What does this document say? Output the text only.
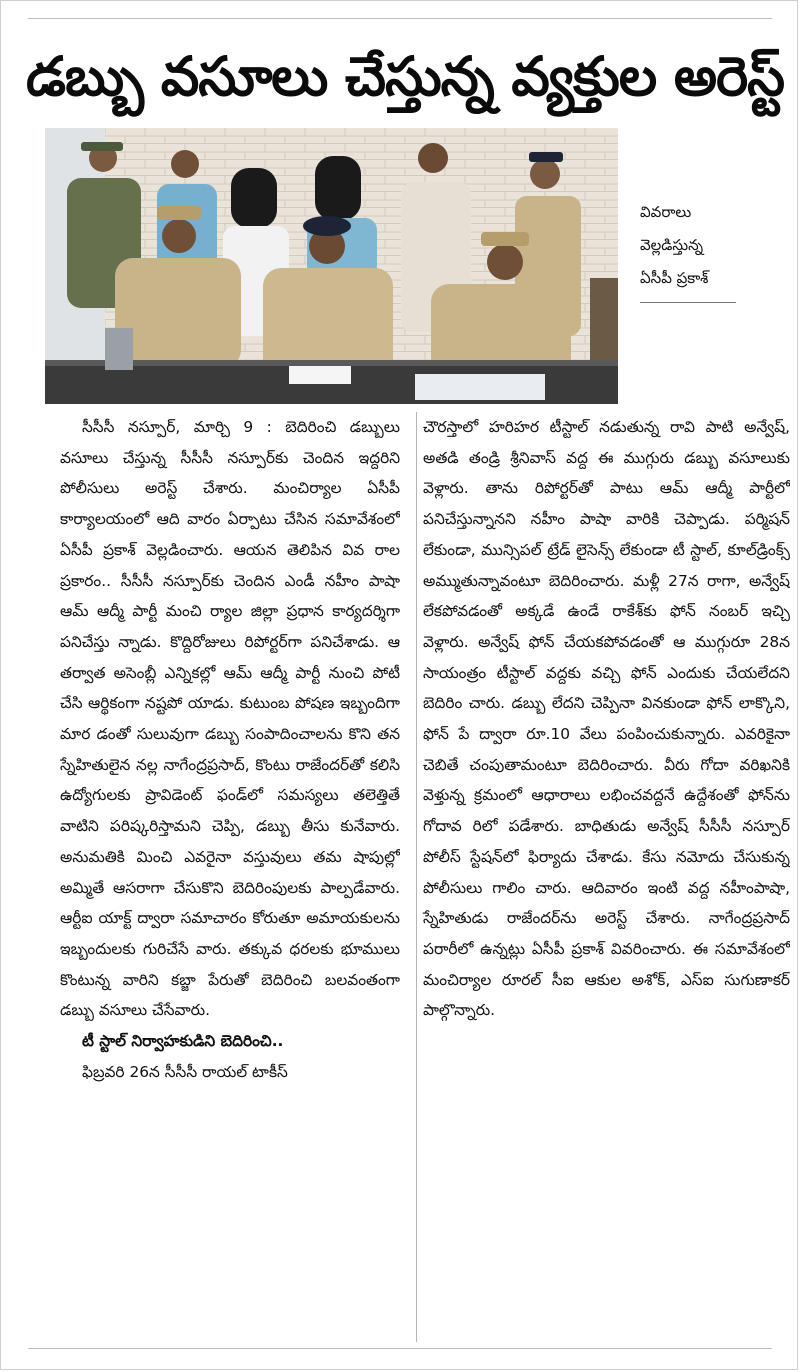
డబ్బు వసూలు చేస్తున్న వ్యక్తుల అరెస్ట్
వివరాలు
వెల్లడిస్తున్న
ఏసీపీ ప్రకాశ్

సీసీసీ నస్పూర్, మార్చి 9 : బెదిరించి డబ్బులు వసూలు చేస్తున్న సీసీసీ నస్పూర్‌కు చెందిన ఇద్దరిని పోలీసులు అరెస్ట్ చేశారు. మంచిర్యాల ఏసీపీ కార్యాలయంలో ఆది వారం ఏర్పాటు చేసిన సమావేశంలో ఏసీపీ ప్రకాశ్ వెల్లడించారు. ఆయన తెలిపిన వివ రాల ప్రకారం.. సీసీసీ నస్పూర్‌కు చెందిన ఎండీ నహీం పాషా ఆమ్ ఆద్మీ పార్టీ మంచి ర్యాల జిల్లా ప్రధాన కార్యదర్శిగా పనిచేస్తు న్నాడు. కొద్దిరోజులు రిపోర్టర్‌గా పనిచేశాడు. ఆ తర్వాత అసెంబ్లీ ఎన్నికల్లో ఆమ్ ఆద్మీ పార్టీ నుంచి పోటీ చేసి ఆర్థికంగా నష్టపో యాడు. కుటుంబ పోషణ ఇబ్బందిగా మార డంతో సులువుగా డబ్బు సంపాదించాలను కొని తన స్నేహితులైన నల్ల నాగేంద్రప్రసాద్, కొంటు రాజేందర్‌తో కలిసి ఉద్యోగులకు ప్రావిడెంట్ ఫండ్‌లో సమస్యలు తలెత్తితే వాటిని పరిష్కరిస్తామని చెప్పి, డబ్బు తీసు కునేవారు. అనుమతికి మించి ఎవరైనా వస్తువులు తమ షాపుల్లో అమ్మితే ఆసరాగా చేసుకొని బెదిరింపులకు పాల్పడేవారు. ఆర్టీఐ యాక్ట్ ద్వారా సమాచారం కోరుతూ అమాయకులను ఇబ్బందులకు గురిచేసే వారు. తక్కువ ధరలకు భూములు కొంటున్న వారిని కబ్జా పేరుతో బెదిరించి బలవంతంగా డబ్బు వసూలు చేసేవారు.

టీ స్టాల్ నిర్వాహకుడిని బెదిరించి..

ఫిబ్రవరి 26న సీసీసీ రాయల్ టాకీస్

చౌరస్తాలో హరిహర టీస్టాల్ నడుతున్న రావి పాటి అన్వేష్, అతడి తండ్రి శ్రీనివాస్ వద్ద ఈ ముగ్గురు డబ్బు వసూలుకు వెళ్లారు. తాను రిపోర్టర్‌తో పాటు ఆమ్ ఆద్మీ పార్టీలో పనిచేస్తున్నానని నహీం పాషా వారికి చెప్పాడు. పర్మిషన్ లేకుండా, మున్సిపల్ ట్రేడ్ లైసెన్స్ లేకుండా టీ స్టాల్, కూల్‌డ్రింక్స్ అమ్ముతున్నావంటూ బెదిరించారు. మళ్లీ 27న రాగా, అన్వేష్ లేకపోవడంతో అక్కడే ఉండే రాకేశ్‌కు ఫోన్ నంబర్ ఇచ్చి వెళ్లారు. అన్వేష్ ఫోన్ చేయకపోవడంతో ఆ ముగ్గురూ 28న సాయంత్రం టీస్టాల్ వద్దకు వచ్చి ఫోన్ ఎందుకు చేయలేదని బెదిరిం చారు. డబ్బు లేదని చెప్పినా వినకుండా ఫోన్ లాక్కొని, ఫోన్ పే ద్వారా రూ.10 వేలు పంపించుకున్నారు. ఎవరికైనా చెబితే చంపుతామంటూ బెదిరించారు. వీరు గోదా వరిఖనికి వెళ్తున్న క్రమంలో ఆధారాలు లభించవద్దనే ఉద్దేశంతో ఫోన్‌ను గోదావ రిలో పడేశారు. బాధితుడు అన్వేష్ సీసీసీ నస్పూర్ పోలీస్ స్టేషన్‌లో ఫిర్యాదు చేశాడు. కేసు నమోదు చేసుకున్న పోలీసులు గాలిం చారు. ఆదివారం ఇంటి వద్ద నహీంపాషా, స్నేహితుడు రాజేందర్‌ను అరెస్ట్ చేశారు. నాగేంద్రప్రసాద్ పరారీలో ఉన్నట్లు ఏసీపీ ప్రకాశ్ వివరించారు. ఈ సమావేశంలో మంచిర్యాల రూరల్ సీఐ ఆకుల అశోక్, ఎస్ఐ సుగుణాకర్ పాల్గొన్నారు.
